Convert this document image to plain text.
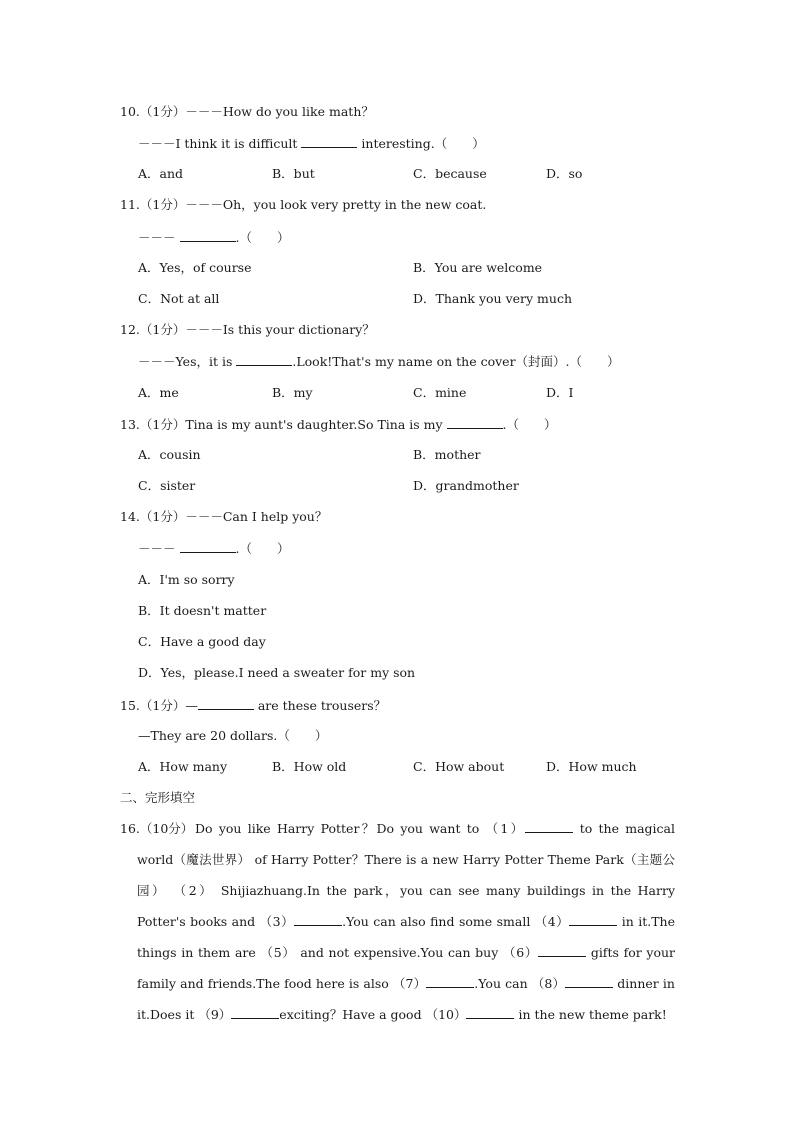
10.（1分）－－－How do you like math？
－－－I think it is difficult	interesting.（　　）
A．and	B．but	C．because	D．so
11.（1分）－－－Oh，you look very pretty in the new coat.
－－－	.（　　）
A．Yes，of course	B．You are welcome
C．Not at all	D．Thank you very much
12.（1分）－－－Is this your dictionary？
－－－Yes，it is	.Look!That's my name on the cover（封面）.（　　）
A．me	B．my	C．mine	D．I
13.（1分）Tina is my aunt's daughter.So Tina is my	.（　　）
A．cousin	B．mother
C．sister	D．grandmother
14.（1分）－－－Can I help you？
－－－	.（　　）
A．I'm so sorry
B．It doesn't matter
C．Have a good day
D．Yes，please.I need a sweater for my son
15.（1分）—	are these trousers？
—They are 20 dollars.（　　）
A．How many	B．How old	C．How about	D．How much
二、完形填空
16.（10分） Do you like Harry Potter？Do you want to （1）	to the magical world（魔法世界） of Harry Potter？There is a new Harry Potter Theme Park（主题公园） （2） Shijiazhuang.In the park，you can see many buildings in the Harry Potter's books and （3）	.You can also find some small （4）	in it.The things in them are （5） and not expensive.You can buy （6）	gifts for your family and friends.The food here is also （7）	.You can （8）	dinner in it.Does it （9）	exciting？Have a good （10）	in the new theme park!
